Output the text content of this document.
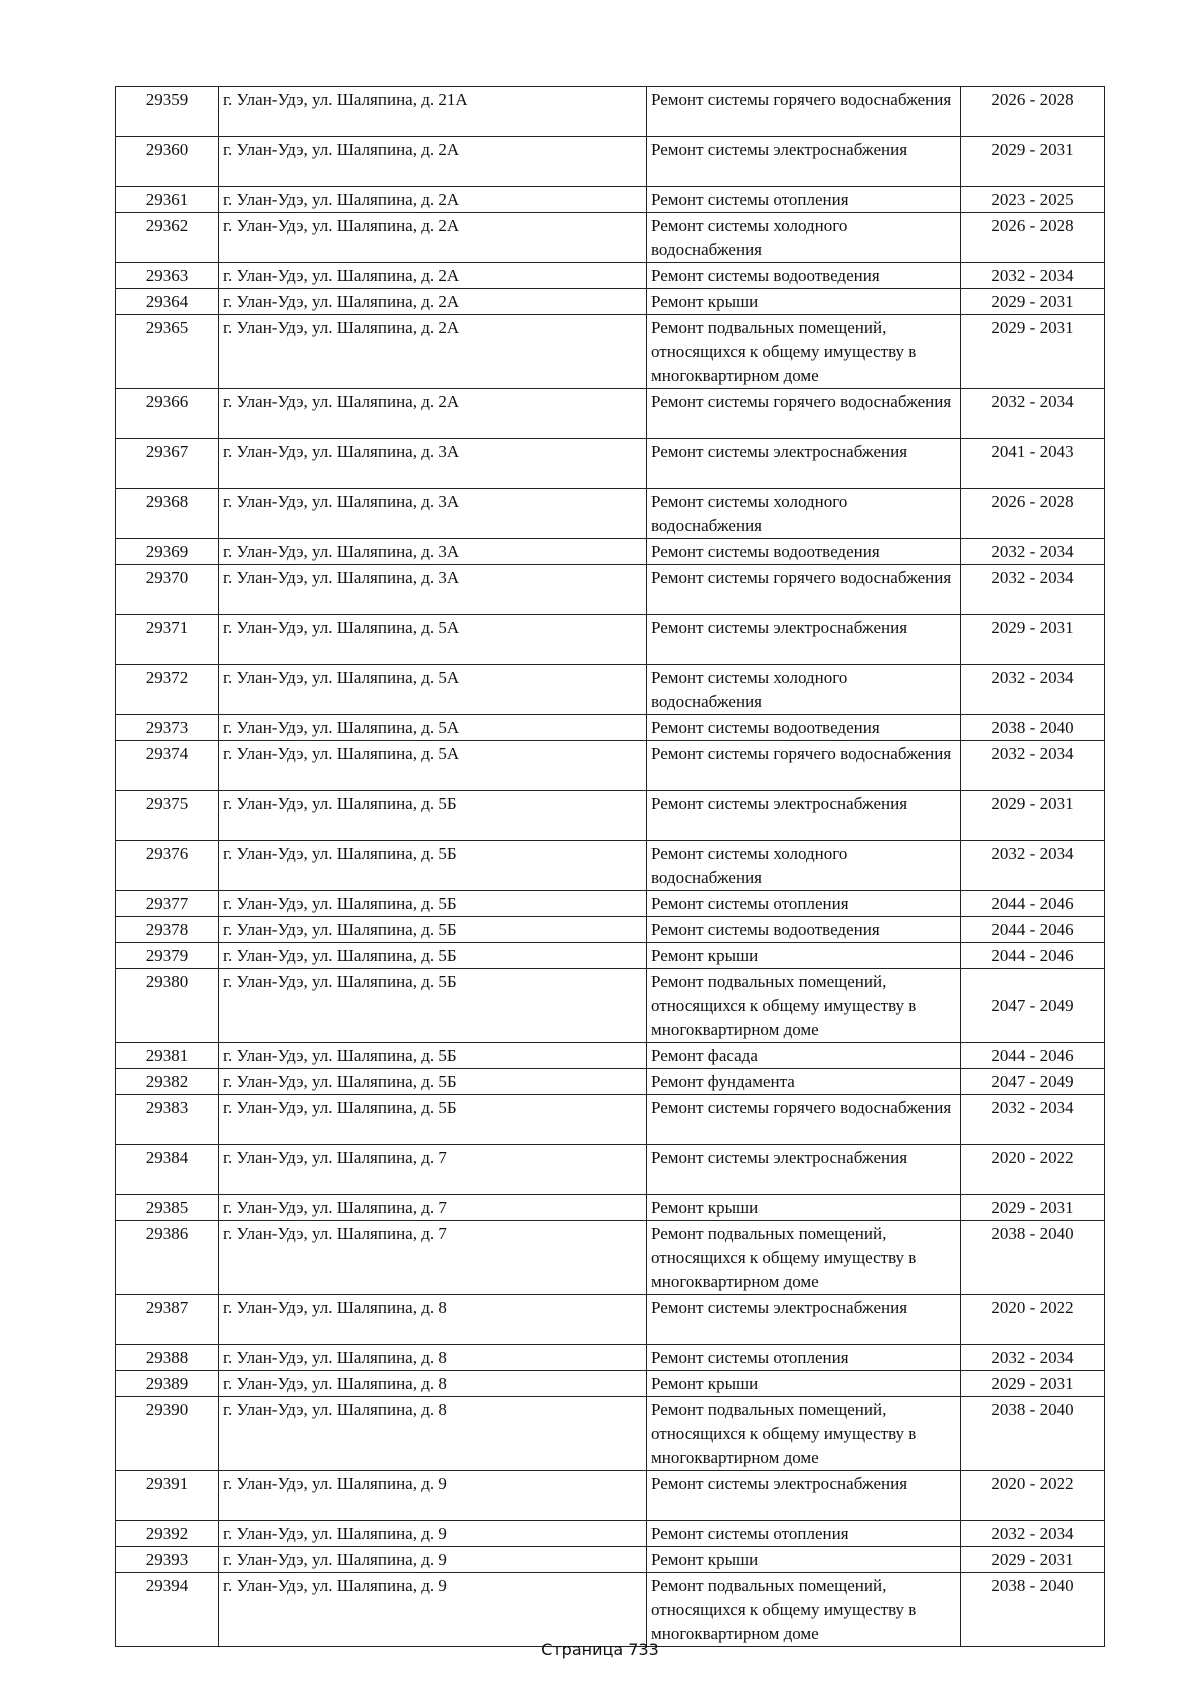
29359	г. Улан-Удэ, ул. Шаляпина, д. 21А	Ремонт системы горячего водоснабжения	2026 - 2028
29360	г. Улан-Удэ, ул. Шаляпина, д. 2А	Ремонт системы электроснабжения	2029 - 2031
29361	г. Улан-Удэ, ул. Шаляпина, д. 2А	Ремонт системы отопления	2023 - 2025
29362	г. Улан-Удэ, ул. Шаляпина, д. 2А	Ремонт системы холодного водоснабжения	2026 - 2028
29363	г. Улан-Удэ, ул. Шаляпина, д. 2А	Ремонт системы водоотведения	2032 - 2034
29364	г. Улан-Удэ, ул. Шаляпина, д. 2А	Ремонт крыши	2029 - 2031
29365	г. Улан-Удэ, ул. Шаляпина, д. 2А	Ремонт подвальных помещений, относящихся к общему имуществу в многоквартирном доме	2029 - 2031
29366	г. Улан-Удэ, ул. Шаляпина, д. 2А	Ремонт системы горячего водоснабжения	2032 - 2034
29367	г. Улан-Удэ, ул. Шаляпина, д. 3А	Ремонт системы электроснабжения	2041 - 2043
29368	г. Улан-Удэ, ул. Шаляпина, д. 3А	Ремонт системы холодного водоснабжения	2026 - 2028
29369	г. Улан-Удэ, ул. Шаляпина, д. 3А	Ремонт системы водоотведения	2032 - 2034
29370	г. Улан-Удэ, ул. Шаляпина, д. 3А	Ремонт системы горячего водоснабжения	2032 - 2034
29371	г. Улан-Удэ, ул. Шаляпина, д. 5А	Ремонт системы электроснабжения	2029 - 2031
29372	г. Улан-Удэ, ул. Шаляпина, д. 5А	Ремонт системы холодного водоснабжения	2032 - 2034
29373	г. Улан-Удэ, ул. Шаляпина, д. 5А	Ремонт системы водоотведения	2038 - 2040
29374	г. Улан-Удэ, ул. Шаляпина, д. 5А	Ремонт системы горячего водоснабжения	2032 - 2034
29375	г. Улан-Удэ, ул. Шаляпина, д. 5Б	Ремонт системы электроснабжения	2029 - 2031
29376	г. Улан-Удэ, ул. Шаляпина, д. 5Б	Ремонт системы холодного водоснабжения	2032 - 2034
29377	г. Улан-Удэ, ул. Шаляпина, д. 5Б	Ремонт системы отопления	2044 - 2046
29378	г. Улан-Удэ, ул. Шаляпина, д. 5Б	Ремонт системы водоотведения	2044 - 2046
29379	г. Улан-Удэ, ул. Шаляпина, д. 5Б	Ремонт крыши	2044 - 2046
29380	г. Улан-Удэ, ул. Шаляпина, д. 5Б	Ремонт подвальных помещений, относящихся к общему имуществу в многоквартирном доме	2047 - 2049
29381	г. Улан-Удэ, ул. Шаляпина, д. 5Б	Ремонт фасада	2044 - 2046
29382	г. Улан-Удэ, ул. Шаляпина, д. 5Б	Ремонт фундамента	2047 - 2049
29383	г. Улан-Удэ, ул. Шаляпина, д. 5Б	Ремонт системы горячего водоснабжения	2032 - 2034
29384	г. Улан-Удэ, ул. Шаляпина, д. 7	Ремонт системы электроснабжения	2020 - 2022
29385	г. Улан-Удэ, ул. Шаляпина, д. 7	Ремонт крыши	2029 - 2031
29386	г. Улан-Удэ, ул. Шаляпина, д. 7	Ремонт подвальных помещений, относящихся к общему имуществу в многоквартирном доме	2038 - 2040
29387	г. Улан-Удэ, ул. Шаляпина, д. 8	Ремонт системы электроснабжения	2020 - 2022
29388	г. Улан-Удэ, ул. Шаляпина, д. 8	Ремонт системы отопления	2032 - 2034
29389	г. Улан-Удэ, ул. Шаляпина, д. 8	Ремонт крыши	2029 - 2031
29390	г. Улан-Удэ, ул. Шаляпина, д. 8	Ремонт подвальных помещений, относящихся к общему имуществу в многоквартирном доме	2038 - 2040
29391	г. Улан-Удэ, ул. Шаляпина, д. 9	Ремонт системы электроснабжения	2020 - 2022
29392	г. Улан-Удэ, ул. Шаляпина, д. 9	Ремонт системы отопления	2032 - 2034
29393	г. Улан-Удэ, ул. Шаляпина, д. 9	Ремонт крыши	2029 - 2031
29394	г. Улан-Удэ, ул. Шаляпина, д. 9	Ремонт подвальных помещений, относящихся к общему имуществу в многоквартирном доме	2038 - 2040
Страница 733
